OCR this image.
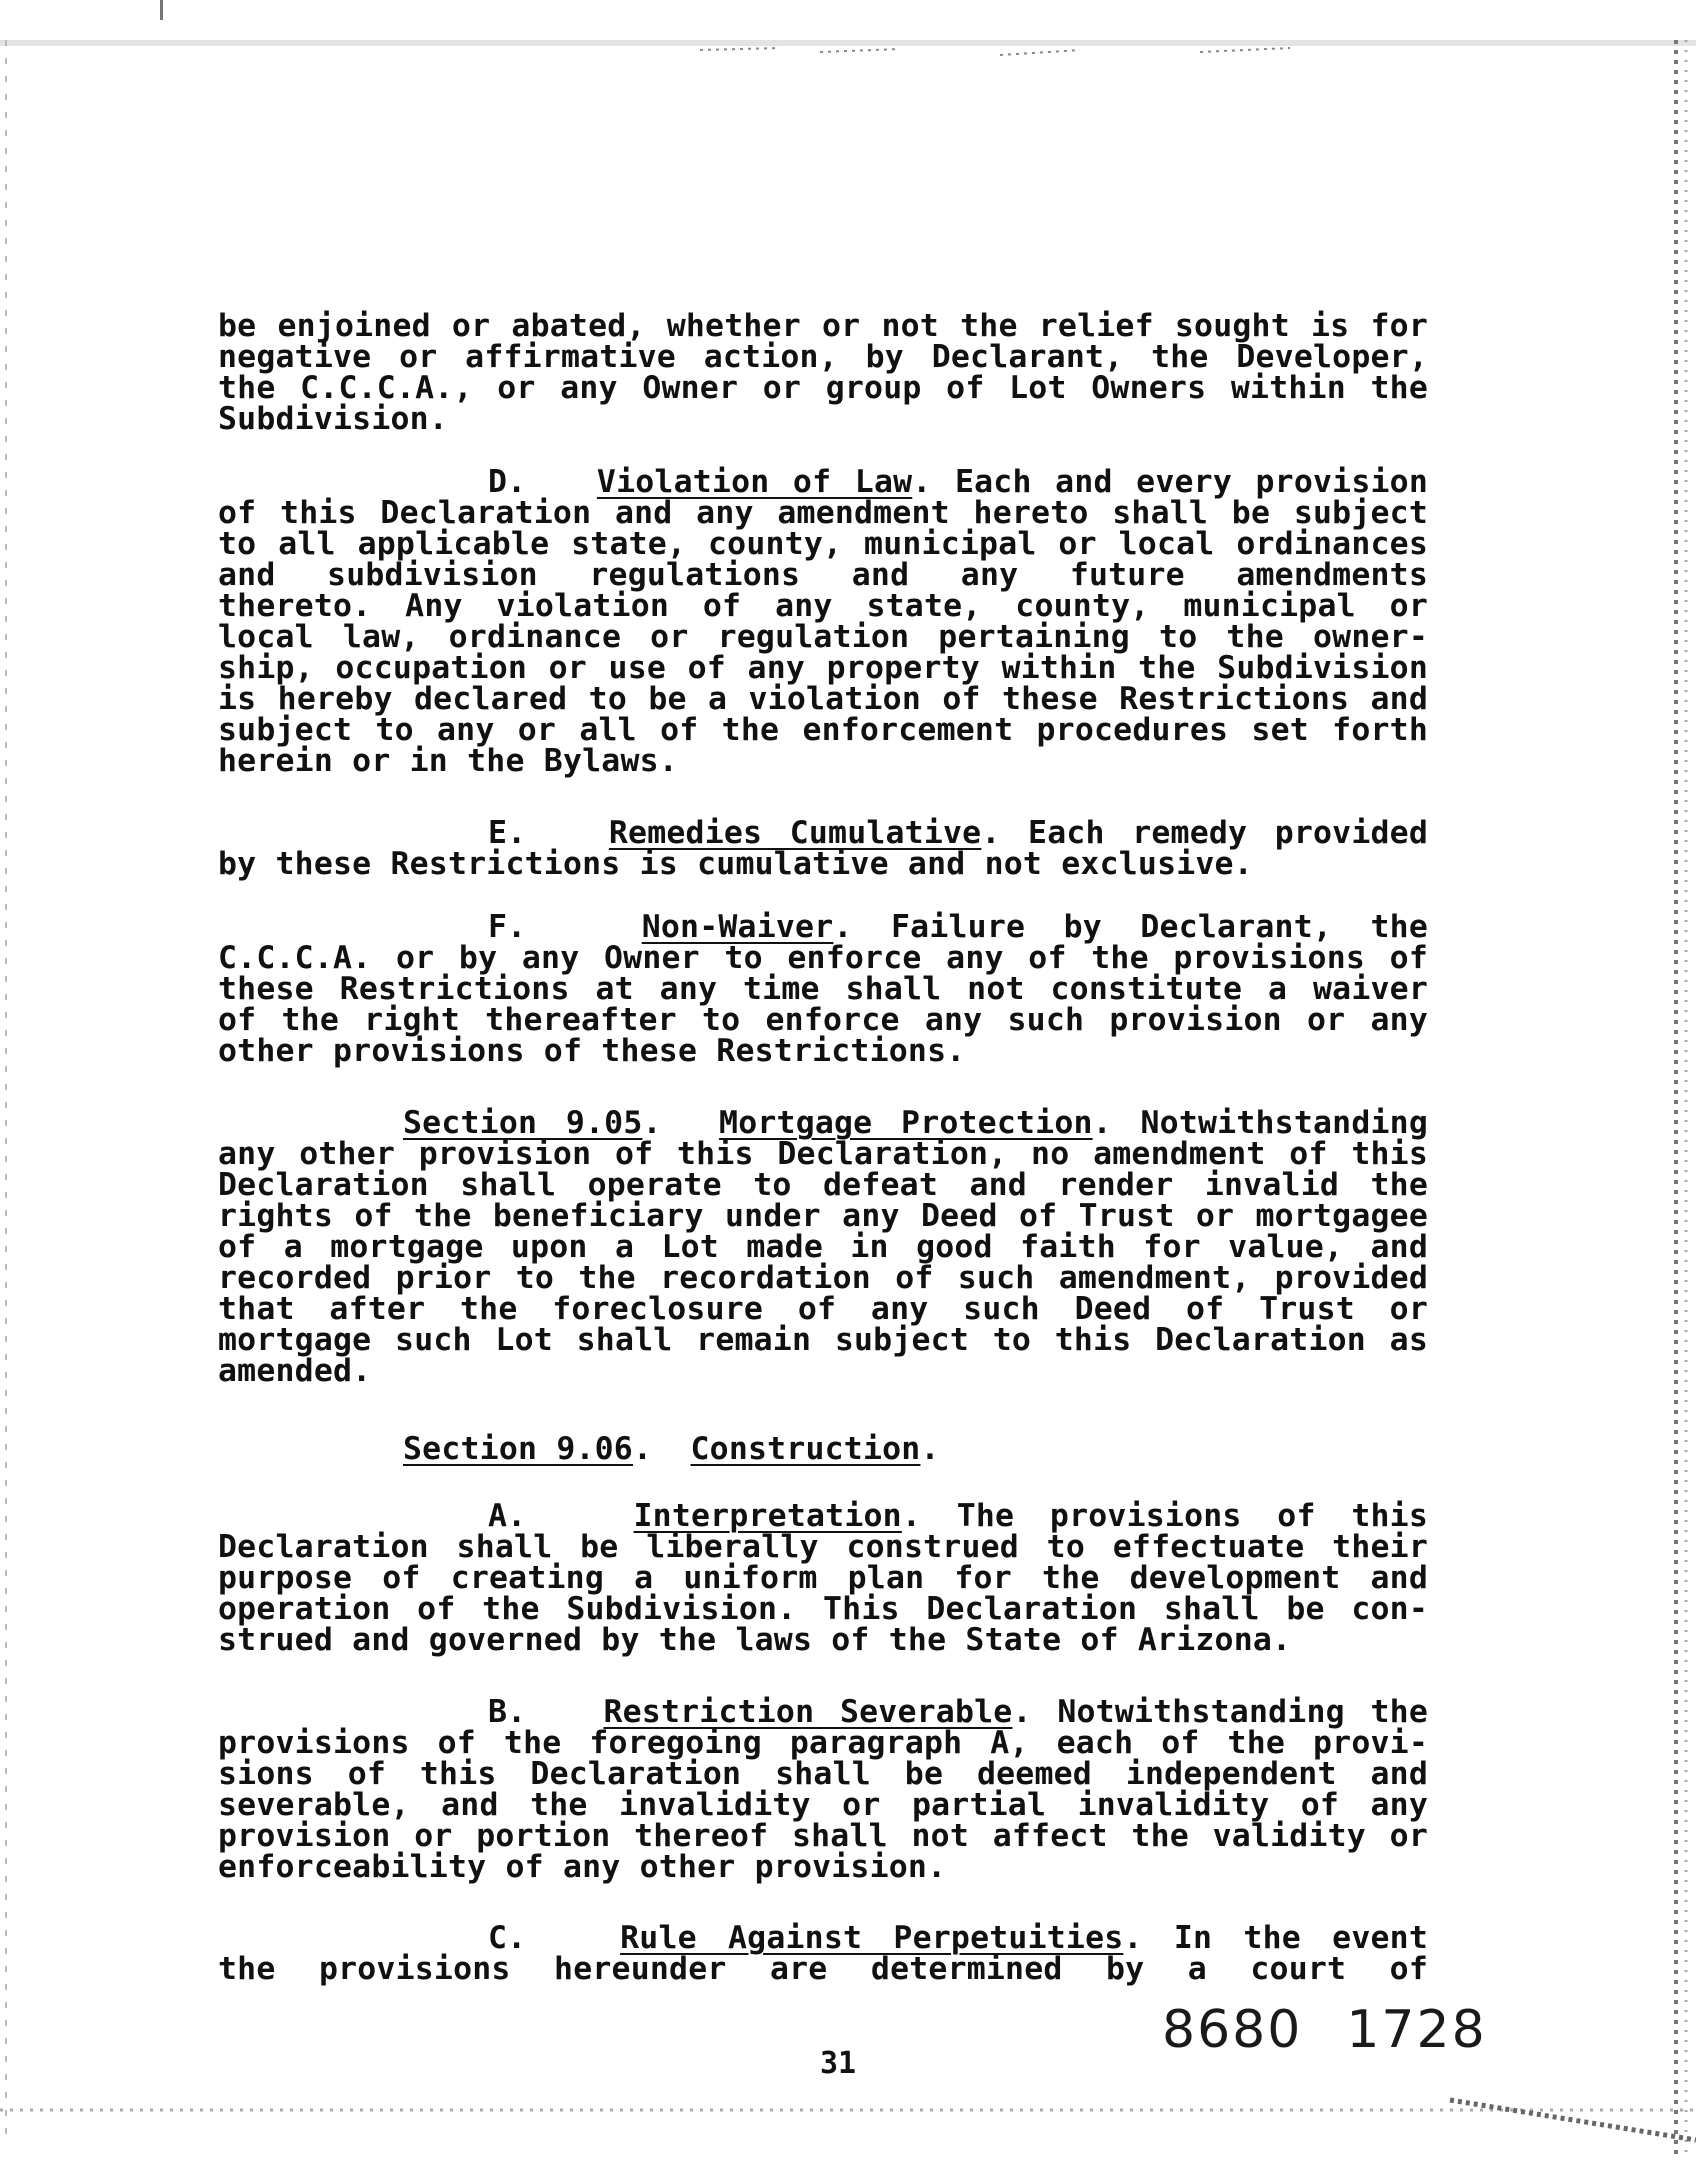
be enjoined or abated, whether or not the relief sought is for
negative or affirmative action, by Declarant, the Developer,
the C.C.C.A., or any Owner or group of Lot Owners within the
Subdivision.
D. Violation of Law. Each and every provision
of this Declaration and any amendment hereto shall be subject
to all applicable state, county, municipal or local ordinances
and subdivision regulations and any future amendments
thereto. Any violation of any state, county, municipal or
local law, ordinance or regulation pertaining to the owner-
ship, occupation or use of any property within the Subdivision
is hereby declared to be a violation of these Restrictions and
subject to any or all of the enforcement procedures set forth
herein or in the Bylaws.
E.	Remedies Cumulative. Each remedy provided
by these Restrictions is cumulative and not exclusive.
F.	Non-Waiver. Failure by Declarant, the
C.C.C.A. or by any Owner to enforce any of the provisions of
these Restrictions at any time shall not constitute a waiver
of the right thereafter to enforce any such provision or any
other provisions of these Restrictions.
Section 9.05.  Mortgage Protection. Notwithstanding
any other provision of this Declaration, no amendment of this
Declaration shall operate to defeat and render invalid the
rights of the beneficiary under any Deed of Trust or mortgagee
of a mortgage upon a Lot made in good faith for value, and
recorded prior to the recordation of such amendment, provided
that after the foreclosure of any such Deed of Trust or
mortgage such Lot shall remain subject to this Declaration as
amended.
Section 9.06.  Construction.
A.	Interpretation. The provisions of this
Declaration shall be liberally construed to effectuate their
purpose of creating a uniform plan for the development and
operation of the Subdivision. This Declaration shall be con-
strued and governed by the laws of the State of Arizona.
B. Restriction Severable. Notwithstanding the
provisions of the foregoing paragraph A, each of the provi-
sions of this Declaration shall be deemed independent and
severable, and the invalidity or partial invalidity of any
provision or portion thereof shall not affect the validity or
enforceability of any other provision.
C.	Rule Against Perpetuities. In the event
the provisions hereunder are determined by a court of
8680 1728
31
